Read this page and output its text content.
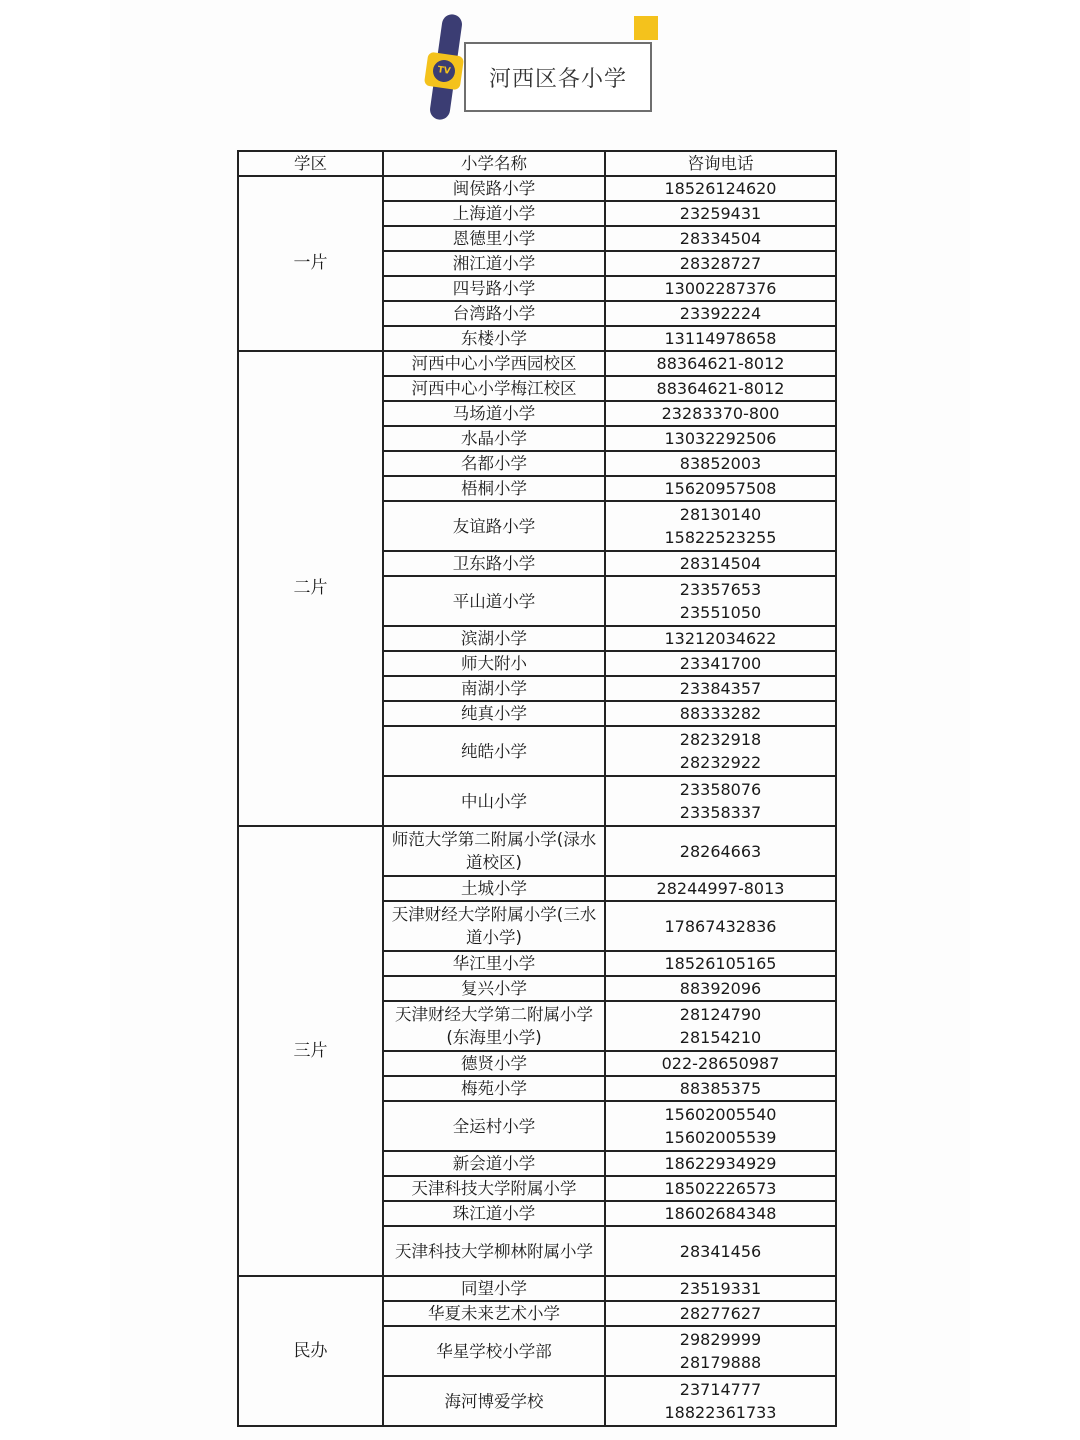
TV	河西区各小学
学区	小学名称	咨询电话
一片	闽侯路小学	18526124620

	上海道小学	23259431

	恩德里小学	28334504

	湘江道小学	28328727

	四号路小学	13002287376

	台湾路小学	23392224

	东楼小学	13114978658

二片	河西中心小学西园校区	88364621-8012

	河西中心小学梅江校区	88364621-8012

	马场道小学	23283370-800

	水晶小学	13032292506

	名都小学	83852003

	梧桐小学	15620957508

	友谊路小学	28130140
15822523255

	卫东路小学	28314504

	平山道小学	23357653
23551050

	滨湖小学	13212034622

	师大附小	23341700

	南湖小学	23384357

	纯真小学	88333282

	纯皓小学	28232918
28232922

	中山小学	23358076
23358337

三片	师范大学第二附属小学(渌水道校区)	28264663

	土城小学	28244997-8013

	天津财经大学附属小学(三水道小学)	17867432836

	华江里小学	18526105165

	复兴小学	88392096

	天津财经大学第二附属小学(东海里小学)	28124790
28154210

	德贤小学	022-28650987

	梅苑小学	88385375

	全运村小学	15602005540
15602005539

	新会道小学	18622934929

	天津科技大学附属小学	18502226573

	珠江道小学	18602684348

	天津科技大学柳林附属小学	28341456

民办	同望小学	23519331

	华夏未来艺术小学	28277627

	华星学校小学部	29829999
28179888

	海河博爱学校	23714777
18822361733
